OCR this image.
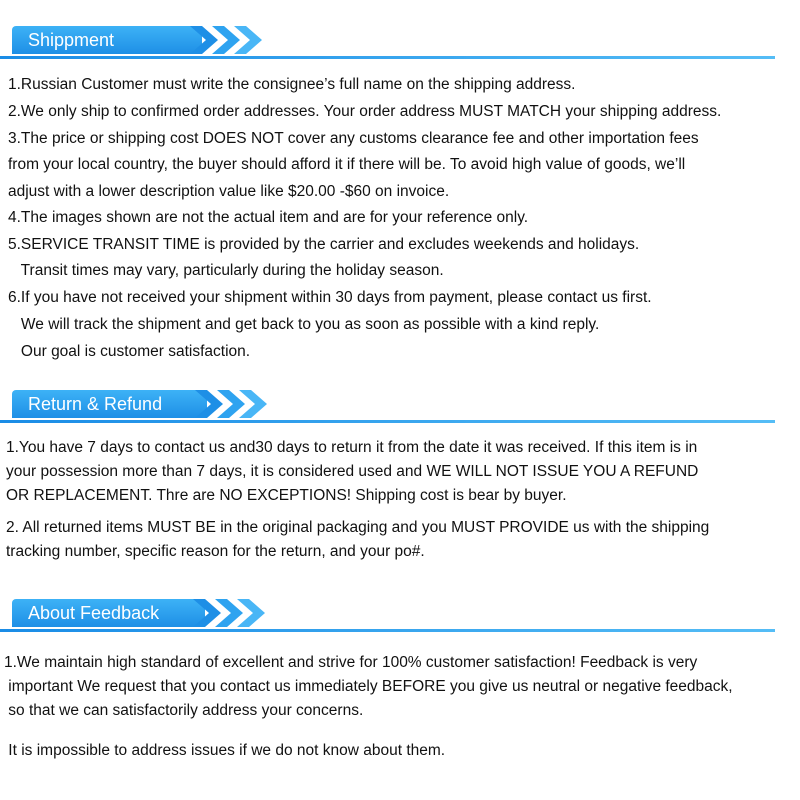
Shippment

1.Russian Customer must write the consignee’s full name on the shipping address.

2.We only ship to confirmed order addresses. Your order address MUST MATCH your shipping address.

3.The price or shipping cost DOES NOT cover any customs clearance fee and other importation fees

from your local country, the buyer should afford it if there will be. To avoid high value of goods, we’ll

adjust with a lower description value like $20.00 -$60 on invoice.

4.The images shown are not the actual item and are for your reference only.

5.SERVICE TRANSIT TIME is provided by the carrier and excludes weekends and holidays.

Transit times may vary, particularly during the holiday season.

6.If you have not received your shipment within 30 days from payment, please contact us first.

We will track the shipment and get back to you as soon as possible with a kind reply.

Our goal is customer satisfaction.

Return & Refund

1.You have 7 days to contact us and30 days to return it from the date it was received. If this item is in

your possession more than 7 days, it is considered used and WE WILL NOT ISSUE YOU A REFUND

OR REPLACEMENT. Thre are NO EXCEPTIONS! Shipping cost is bear by buyer.

2. All returned items MUST BE in the original packaging and you MUST PROVIDE us with the shipping

tracking number, specific reason for the return, and your po#.

About Feedback

1.We maintain high standard of excellent and strive for 100% customer satisfaction! Feedback is very

important We request that you contact us immediately BEFORE you give us neutral or negative feedback,

so that we can satisfactorily address your concerns.

It is impossible to address issues if we do not know about them.
